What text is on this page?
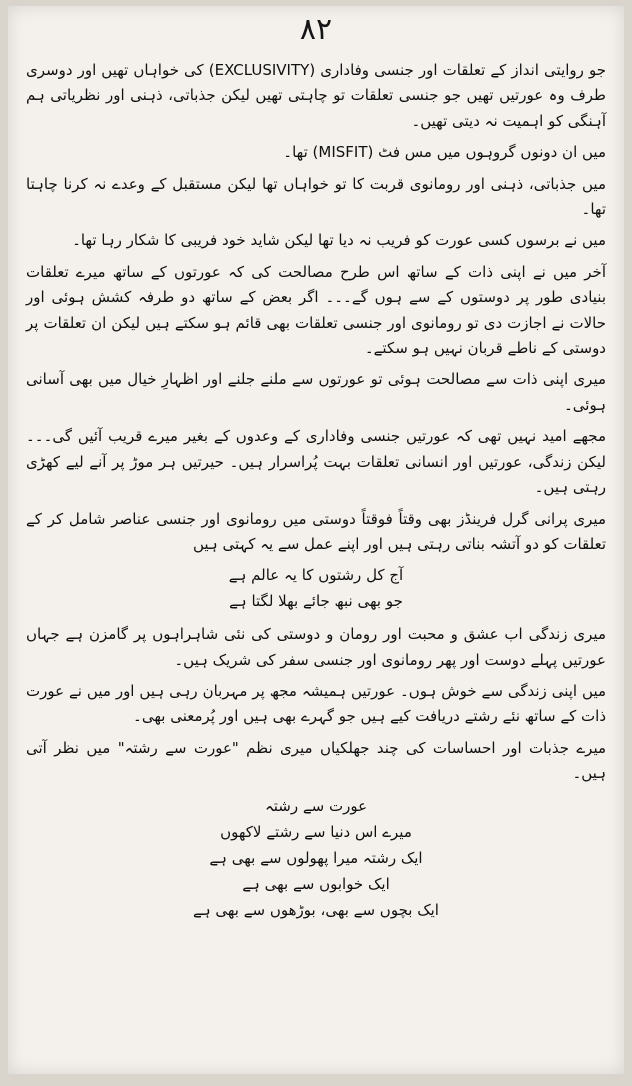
۸۲

جو روایتی انداز کے تعلقات اور جنسی وفاداری (EXCLUSIVITY) کی خواہاں تھیں اور دوسری طرف وہ عورتیں تھیں جو جنسی تعلقات تو چاہتی تھیں لیکن جذباتی، ذہنی اور نظریاتی ہم آہنگی کو اہمیت نہ دیتی تھیں۔

میں ان دونوں گروہوں میں مس فٹ (MISFIT) تھا۔

میں جذباتی، ذہنی اور رومانوی قربت کا تو خواہاں تھا لیکن مستقبل کے وعدے نہ کرنا چاہتا تھا۔

میں نے برسوں کسی عورت کو فریب نہ دیا تھا لیکن شاید خود فریبی کا شکار رہا تھا۔

آخر میں نے اپنی ذات کے ساتھ اس طرح مصالحت کی کہ عورتوں کے ساتھ میرے تعلقات بنیادی طور پر دوستوں کے سے ہوں گے۔۔۔ اگر بعض کے ساتھ دو طرفہ کشش ہوئی اور حالات نے اجازت دی تو رومانوی اور جنسی تعلقات بھی قائم ہو سکتے ہیں لیکن ان تعلقات پر دوستی کے ناطے قربان نہیں ہو سکتے۔

میری اپنی ذات سے مصالحت ہوئی تو عورتوں سے ملنے جلنے اور اظہارِ خیال میں بھی آسانی ہوئی۔

مجھے امید نہیں تھی کہ عورتیں جنسی وفاداری کے وعدوں کے بغیر میرے قریب آئیں گی۔۔۔ لیکن زندگی، عورتیں اور انسانی تعلقات بہت پُراسرار ہیں۔ حیرتیں ہر موڑ پر آنے لیے کھڑی رہتی ہیں۔

میری پرانی گرل فرینڈز بھی وقتاً فوقتاً دوستی میں رومانوی اور جنسی عناصر شامل کر کے تعلقات کو دو آتشہ بناتی رہتی ہیں اور اپنے عمل سے یہ کہتی ہیں

آج کل رشتوں کا یہ عالم ہے

جو بھی نبھ جائے بھلا لگتا ہے

میری زندگی اب عشق و محبت اور رومان و دوستی کی نئی شاہراہوں پر گامزن ہے جہاں عورتیں پہلے دوست اور پھر رومانوی اور جنسی سفر کی شریک ہیں۔

میں اپنی زندگی سے خوش ہوں۔ عورتیں ہمیشہ مجھ پر مہربان رہی ہیں اور میں نے عورت ذات کے ساتھ نئے رشتے دریافت کیے ہیں جو گہرے بھی ہیں اور پُرمعنی بھی۔

میرے جذبات اور احساسات کی چند جھلکیاں میری نظم "عورت سے رشتہ" میں نظر آتی ہیں۔

عورت سے رشتہ

میرے اس دنیا سے رشتے لاکھوں

ایک رشتہ میرا پھولوں سے بھی ہے

ایک خوابوں سے بھی ہے

ایک بچوں سے بھی، بوڑھوں سے بھی ہے
